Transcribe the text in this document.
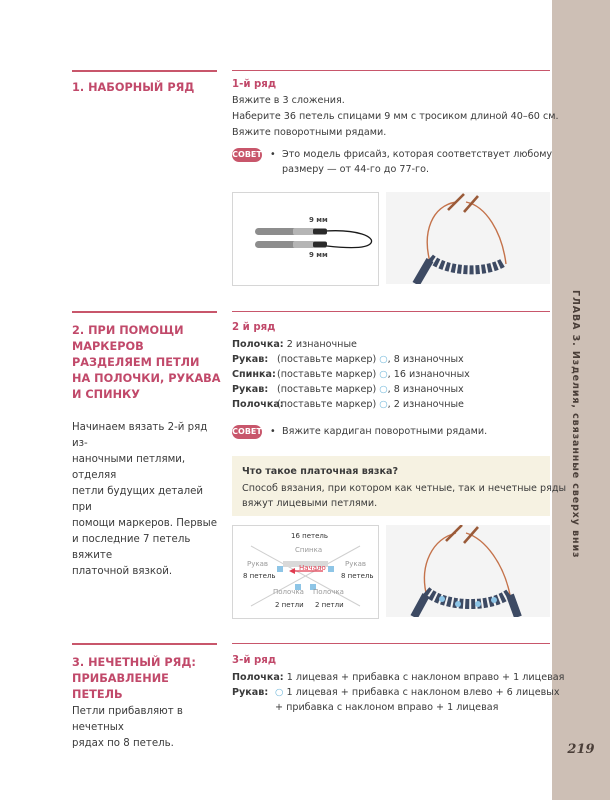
ГЛАВА 3. Изделия, связанные сверху вниз
219
1. НАБОРНЫЙ РЯД	1-й ряд
Вяжите в 3 сложения.
Наберите 36 петель спицами 9 мм с тросиком длиной 40–60 см.
Вяжите поворотными рядами.
СОВЕТ • Это модель фрисайз, которая соответствует любому
размеру — от 44-го до 77-го.
9 мм
9 мм
2. ПРИ ПОМОЩИ
МАРКЕРОВ
РАЗДЕЛЯЕМ ПЕТЛИ
НА ПОЛОЧКИ, РУКАВА
И СПИНКУ
Начинаем вязать 2-й ряд из-
наночными петлями, отделяя
петли будущих деталей при
помощи маркеров. Первые
и последние 7 петель вяжите
платочной вязкой.
2 й ряд
Полочка: 2 изнаночные
Рукав: (поставьте маркер) ○, 8 изнаночных
Спинка: (поставьте маркер) ○, 16 изнаночных
Рукав: (поставьте маркер) ○, 8 изнаночных
Полочка:
(поставьте маркер) ○, 2 изнаночные
СОВЕТ • Вяжите кардиган поворотными рядами.
Что такое платочная вязка?
Способ вязания, при котором как четные, так и нечетные ряды
вяжут лицевыми петлями.
16 петель
Спинка
Рукав
8 петель
Рукав
8 петель
Начало
Полочка
2 петли
Полочка
2 петли
3. НЕЧЕТНЫЙ РЯД:
ПРИБАВЛЕНИЕ ПЕТЕЛЬ
Петли прибавляют в нечетных
рядах по 8 петель.
3-й ряд
Полочка: 1 лицевая + прибавка с наклоном вправо + 1 лицевая
Рукав: ○ 1 лицевая + прибавка с наклоном влево + 6 лицевых
+ прибавка с наклоном вправо + 1 лицевая
